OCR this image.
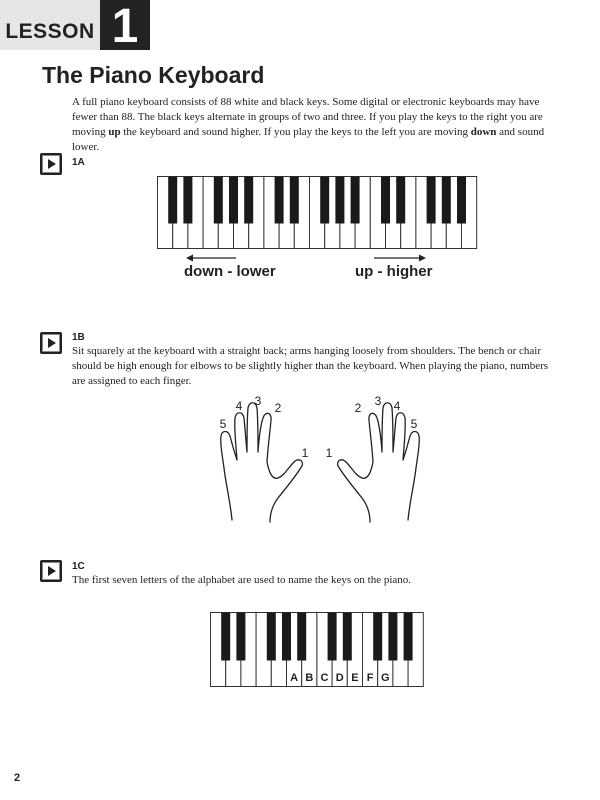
LESSON 1
The Piano Keyboard

A full piano keyboard consists of 88 white and black keys. Some digital or electronic keyboards may have fewer than 88. The black keys alternate in groups of two and three. If you play the keys to the right you are moving up the keyboard and sound higher. If you play the keys to the left you are moving down and sound lower.

1A
down - lower	up - higher
1B

Sit squarely at the keyboard with a straight back; arms hanging loosely from shoulders. The bench or chair should be high enough for elbows to be slightly higher than the keyboard. When playing the piano, numbers are assigned to each finger.

5
4 3 2
1 1
2 3 4
5
1C

The first seven letters of the alphabet are used to name the keys on the piano.

A B C D E F G
2
